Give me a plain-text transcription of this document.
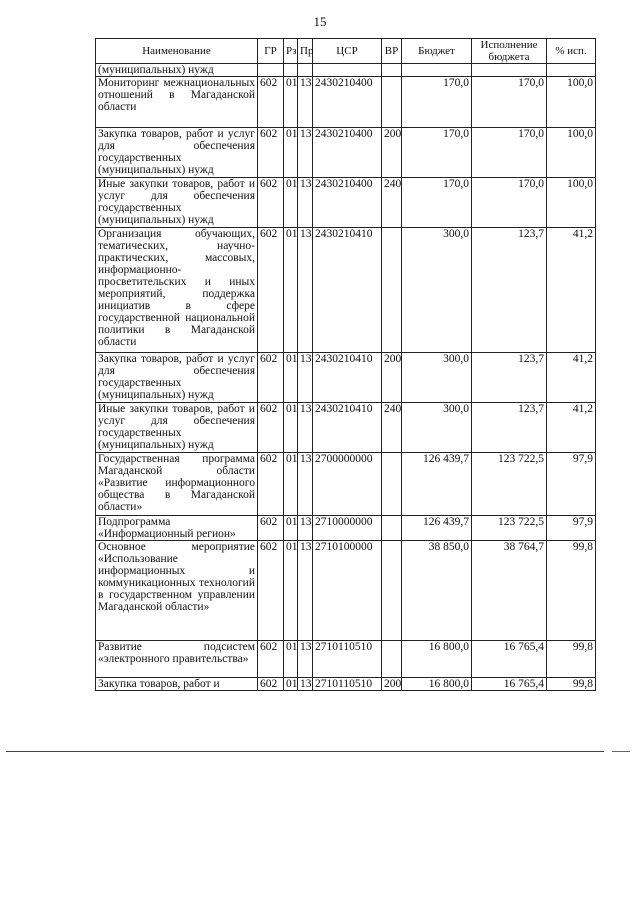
15
Наименование	ГР	Рз	Пр	ЦСР	ВР	Бюджет	Исполнение бюджета	% исп.
(муниципальных) нужд								
Мониторинг межнациональных отношений в Магаданской области	602	01	13	2430210400		170,0	170,0	100,0
Закупка товаров, работ и услуг для обеспечения государственных (муниципальных) нужд	602	01	13	2430210400	200	170,0	170,0	100,0
Иные закупки товаров, работ и услуг для обеспечения государственных (муниципальных) нужд	602	01	13	2430210400	240	170,0	170,0	100,0
Организация обучающих, тематических, научно-практических, массовых, информационно-просветительских и иных мероприятий, поддержка инициатив в сфере государственной национальной политики в Магаданской области	602	01	13	2430210410		300,0	123,7	41,2
Закупка товаров, работ и услуг для обеспечения государственных (муниципальных) нужд	602	01	13	2430210410	200	300,0	123,7	41,2
Иные закупки товаров, работ и услуг для обеспечения государственных (муниципальных) нужд	602	01	13	2430210410	240	300,0	123,7	41,2
Государственная программа Магаданской области «Развитие информационного общества в Магаданской области»	602	01	13	2700000000		126 439,7	123 722,5	97,9
Подпрограмма «Информационный регион»	602	01	13	2710000000		126 439,7	123 722,5	97,9
Основное мероприятие «Использование информационных и коммуникационных технологий в государственном управлении Магаданской области»	602	01	13	2710100000		38 850,0	38 764,7	99,8
Развитие подсистем «электронного правительства»	602	01	13	2710110510		16 800,0	16 765,4	99,8
Закупка товаров, работ и	602	01	13	2710110510	200	16 800,0	16 765,4	99,8
